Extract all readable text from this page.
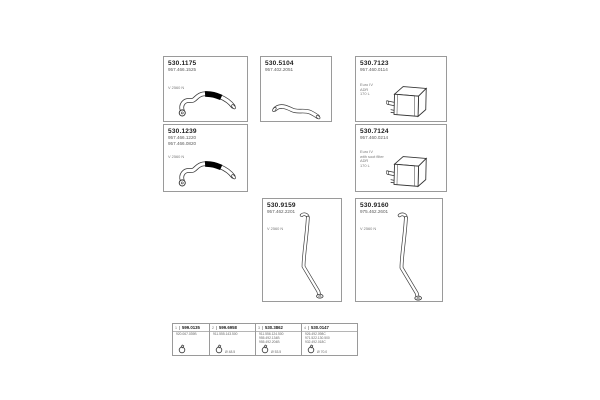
530.1175
957.466.1525
V 2560 N
530.5104
957.402.2051
530.7123
957.460.0114
Euro IV
ADR
170 L
530.1239
957.466.1220
957.466.0820
V 2560 N
530.7124
957.460.0214
Euro IV
with soot filter
ADR
170 L
530.9159
957.462.2201
V 2560 N
530.9160
975.462.2601
V 2560 N
1	599.0135
920.067.039B
2	599.6958
911.555.143.500
Ø 48.5
3	530.3862
911.556.124.500
955.492.134B
955.492.204B
Ø 53.5
4	530.0147
926.492.098C
971.522.130.500
932.492.018C
Ø 70.0
